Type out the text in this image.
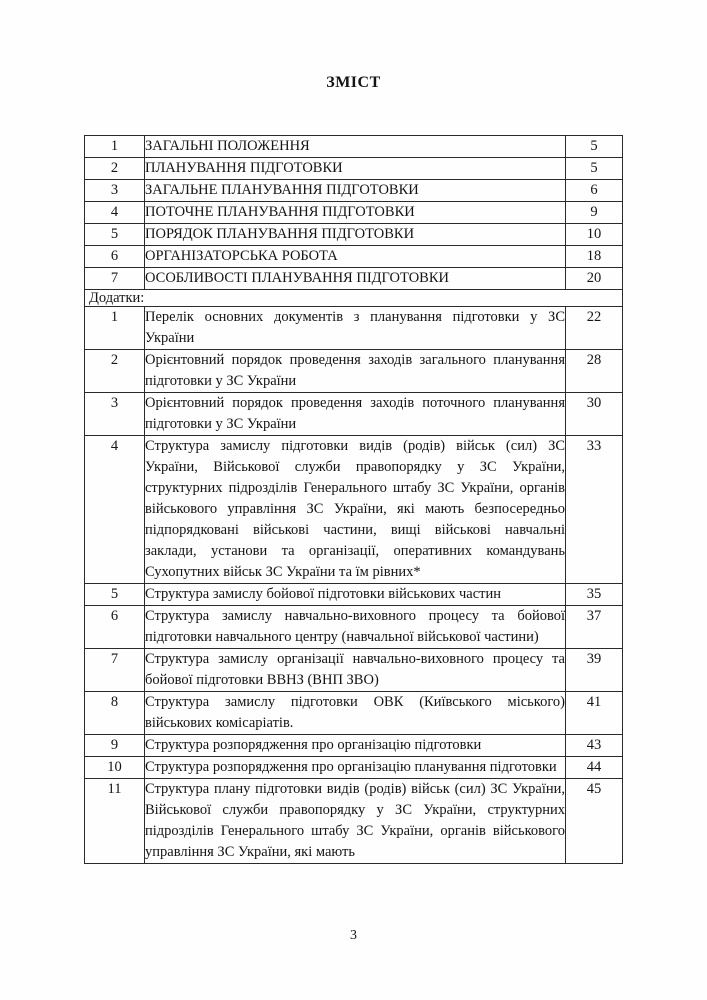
ЗМІСТ
1	ЗАГАЛЬНІ ПОЛОЖЕННЯ	5
2	ПЛАНУВАННЯ ПІДГОТОВКИ	5
3	ЗАГАЛЬНЕ ПЛАНУВАННЯ ПІДГОТОВКИ	6
4	ПОТОЧНЕ ПЛАНУВАННЯ ПІДГОТОВКИ	9
5	ПОРЯДОК ПЛАНУВАННЯ ПІДГОТОВКИ	10
6	ОРГАНІЗАТОРСЬКА РОБОТА	18
7	ОСОБЛИВОСТІ ПЛАНУВАННЯ ПІДГОТОВКИ	20
Додатки:		
1	Перелік основних документів з планування підготовки у ЗС України	22
2	Орієнтовний порядок проведення заходів загального планування підготовки у ЗС України	28
3	Орієнтовний порядок проведення заходів поточного планування підготовки у ЗС України	30
4	Структура замислу підготовки видів (родів) військ (сил) ЗС України, Військової служби правопорядку у ЗС України, структурних підрозділів Генерального штабу ЗС України, органів військового управління ЗС України, які мають безпосередньо підпорядковані військові частини, вищі військові навчальні заклади, установи та організації, оперативних командувань Сухопутних військ ЗС України та їм рівних*	33
5	Структура замислу бойової підготовки військових частин	35
6	Структура замислу навчально-виховного процесу та бойової підготовки навчального центру (навчальної військової частини)	37
7	Структура замислу організації навчально-виховного процесу та бойової підготовки ВВНЗ (ВНП ЗВО)	39
8	Структура замислу підготовки ОВК (Київського міського) військових комісаріатів.	41
9	Структура розпорядження про організацію підготовки	43
10	Структура розпорядження про організацію планування підготовки	44
11	Структура плану підготовки видів (родів) військ (сил) ЗС України, Військової служби правопорядку у ЗС України, структурних підрозділів Генерального штабу ЗС України, органів військового управління ЗС України, які мають	45
3
